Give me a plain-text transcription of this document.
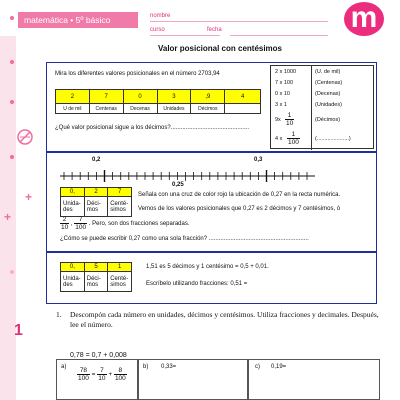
matemática • 5º básico	nombre
curso	fecha	m
+
+
1
Valor posicional con centésimos
Mira los diferentes valores posicionales en el número 2703,94
2	7	0	3	,9	4
U de mil	Centenas	Decenas	Unidades	Décimos	
¿Qué valor posicional sigue a los décimos?...............................................
2 x 1000	(U. de mil)
7 x 100	(Centenas)
0 x 10	(Decenas)
3 x 1	(Unidades)
$9x \frac{1}{10}$	(Décimos)
4 x $\frac{1}{100}$	(.....................)
0,2	0,3
0,25
0,	2	7
Unida-des	Déci-mos	Centé-simos
Señala con una cruz de color rojo la ubicación de 0,27 en la recta numérica.
Vemos de los valores posicionales que 0,27 es 2 décimos y 7 centésimos, ó
$\frac{2}{10}$ , $\frac{7}{100}$ . Pero, son dos fracciones separadas.
¿Cómo se puede escribir 0,27 como una sola fracción? ............................................................
0,	5	1
Unida-des	Déci-mos	Centé-simos
1,51 es 5 décimos y 1 centésimo = 0,5 + 0,01.
Escríbelo utilizando fracciones: 0,51 =
1. Descompón cada número en unidades, décimos y centésimos. Utiliza fracciones y decimales. Después, lee el número.
0,78 = 0,7 + 0,008
$a) \frac{78}{100} = \frac{7}{10} + \frac{8}{100}$	b) 0,33=	c) 0,19=
